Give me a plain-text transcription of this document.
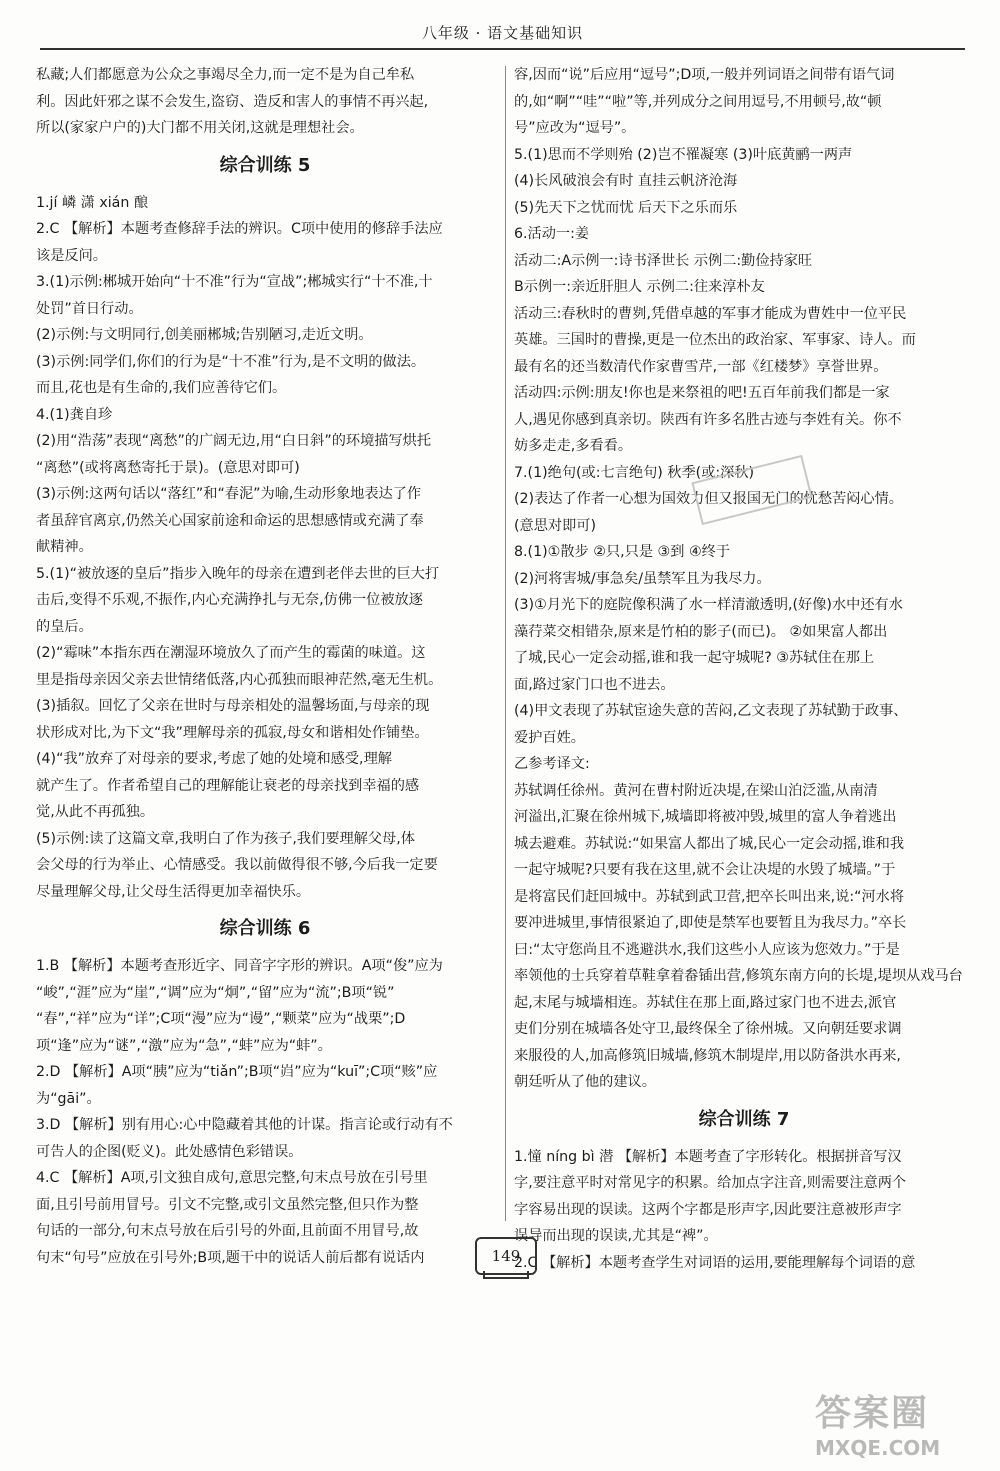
八年级 · 语文基础知识
私藏;人们都愿意为公众之事竭尽全力,而一定不是为自己牟私
利。因此奸邪之谋不会发生,盗窃、造反和害人的事情不再兴起,
所以(家家户户的)大门都不用关闭,这就是理想社会。
综合训练 5
1.jí 嶙 潇 xián 酿
2.C 【解析】本题考查修辞手法的辨识。C项中使用的修辞手法应
该是反问。
3.(1)示例:郴城开始向“十不准”行为“宣战”;郴城实行“十不准,十
处罚”首日行动。
(2)示例:与文明同行,创美丽郴城;告别陋习,走近文明。
(3)示例:同学们,你们的行为是“十不准”行为,是不文明的做法。
而且,花也是有生命的,我们应善待它们。
4.(1)龚自珍
(2)用“浩荡”表现“离愁”的广阔无边,用“白日斜”的环境描写烘托
“离愁”(或将离愁寄托于景)。(意思对即可)
(3)示例:这两句话以“落红”和“春泥”为喻,生动形象地表达了作
者虽辞官离京,仍然关心国家前途和命运的思想感情或充满了奉
献精神。
5.(1)“被放逐的皇后”指步入晚年的母亲在遭到老伴去世的巨大打
击后,变得不乐观,不振作,内心充满挣扎与无奈,仿佛一位被放逐
的皇后。
(2)“霉味”本指东西在潮湿环境放久了而产生的霉菌的味道。这
里是指母亲因父亲去世情绪低落,内心孤独而眼神茫然,毫无生机。
(3)插叙。回忆了父亲在世时与母亲相处的温馨场面,与母亲的现
状形成对比,为下文“我”理解母亲的孤寂,母女和谐相处作铺垫。
(4)“我”放弃了对母亲的要求,考虑了她的处境和感受,理解
就产生了。作者希望自己的理解能让衰老的母亲找到幸福的感
觉,从此不再孤独。
(5)示例:读了这篇文章,我明白了作为孩子,我们要理解父母,体
会父母的行为举止、心情感受。我以前做得很不够,今后我一定要
尽量理解父母,让父母生活得更加幸福快乐。
综合训练 6
1.B 【解析】本题考查形近字、同音字字形的辨识。A项“俊”应为
“峻”,“涯”应为“崖”,“调”应为“炯”,“留”应为“流”;B项“锐”
“春”,“祥”应为“详”;C项“漫”应为“谩”,“颗菜”应为“战栗”;D
项“逢”应为“谜”,“激”应为“急”,“蚌”应为“蚌”。
2.D 【解析】A项“胰”应为“tiǎn”;B项“岿”应为“kuī”;C项“赅”应
为“gāi”。
3.D 【解析】别有用心:心中隐藏着其他的计谋。指言论或行动有不
可告人的企图(贬义)。此处感情色彩错误。
4.C 【解析】A项,引文独自成句,意思完整,句末点号放在引号里
面,且引号前用冒号。引文不完整,或引文虽然完整,但只作为整
句话的一部分,句末点号放在后引号的外面,且前面不用冒号,故
句末“句号”应放在引号外;B项,题干中的说话人前后都有说话内
容,因而“说”后应用“逗号”;D项,一般并列词语之间带有语气词
的,如“啊”“哇”“啦”等,并列成分之间用逗号,不用顿号,故“顿
号”应改为“逗号”。
5.(1)思而不学则殆 (2)岂不罹凝寒 (3)叶底黄鹂一两声
(4)长风破浪会有时 直挂云帆济沧海
(5)先天下之忧而忧 后天下之乐而乐
6.活动一:姜
活动二:A示例一:诗书泽世长 示例二:勤俭持家旺
B示例一:亲近肝胆人 示例二:往来淳朴友
活动三:春秋时的曹刿,凭借卓越的军事才能成为曹姓中一位平民
英雄。三国时的曹操,更是一位杰出的政治家、军事家、诗人。而
最有名的还当数清代作家曹雪芹,一部《红楼梦》享誉世界。
活动四:示例:朋友!你也是来祭祖的吧!五百年前我们都是一家
人,遇见你感到真亲切。陕西有许多名胜古迹与李姓有关。你不
妨多走走,多看看。
7.(1)绝句(或:七言绝句) 秋季(或:深秋)
(2)表达了作者一心想为国效力但又报国无门的忧愁苦闷心情。
(意思对即可)
8.(1)①散步 ②只,只是 ③到 ④终于
(2)河将害城/事急矣/虽禁军且为我尽力。
(3)①月光下的庭院像积满了水一样清澈透明,(好像)水中还有水
藻荇菜交相错杂,原来是竹柏的影子(而已)。 ②如果富人都出
了城,民心一定会动摇,谁和我一起守城呢? ③苏轼住在那上
面,路过家门口也不进去。
(4)甲文表现了苏轼宦途失意的苦闷,乙文表现了苏轼勤于政事、
爱护百姓。
乙参考译文:
苏轼调任徐州。黄河在曹村附近决堤,在梁山泊泛滥,从南清
河溢出,汇聚在徐州城下,城墙即将被冲毁,城里的富人争着逃出
城去避难。苏轼说:“如果富人都出了城,民心一定会动摇,谁和我
一起守城呢?只要有我在这里,就不会让决堤的水毁了城墙。”于
是将富民们赶回城中。苏轼到武卫营,把卒长叫出来,说:“河水将
要冲进城里,事情很紧迫了,即使是禁军也要暂且为我尽力。”卒长
曰:“太守您尚且不逃避洪水,我们这些小人应该为您效力。”于是
率领他的士兵穿着草鞋拿着畚锸出营,修筑东南方向的长堤,堤坝从戏马台
起,末尾与城墙相连。苏轼住在那上面,路过家门也不进去,派官
吏们分别在城墙各处守卫,最终保全了徐州城。又向朝廷要求调
来服役的人,加高修筑旧城墙,修筑木制堤岸,用以防备洪水再来,
朝廷听从了他的建议。
综合训练 7
1.憧 níng bì 潜 【解析】本题考查了字形转化。根据拼音写汉
字,要注意平时对常见字的积累。给加点字注音,则需要注意两个
字容易出现的误读。这两个字都是形声字,因此要注意被形声字
误导而出现的误读,尤其是“裨”。
2.C 【解析】本题考查学生对词语的运用,要能理解每个词语的意
149
答案圈
MXQE.COM
